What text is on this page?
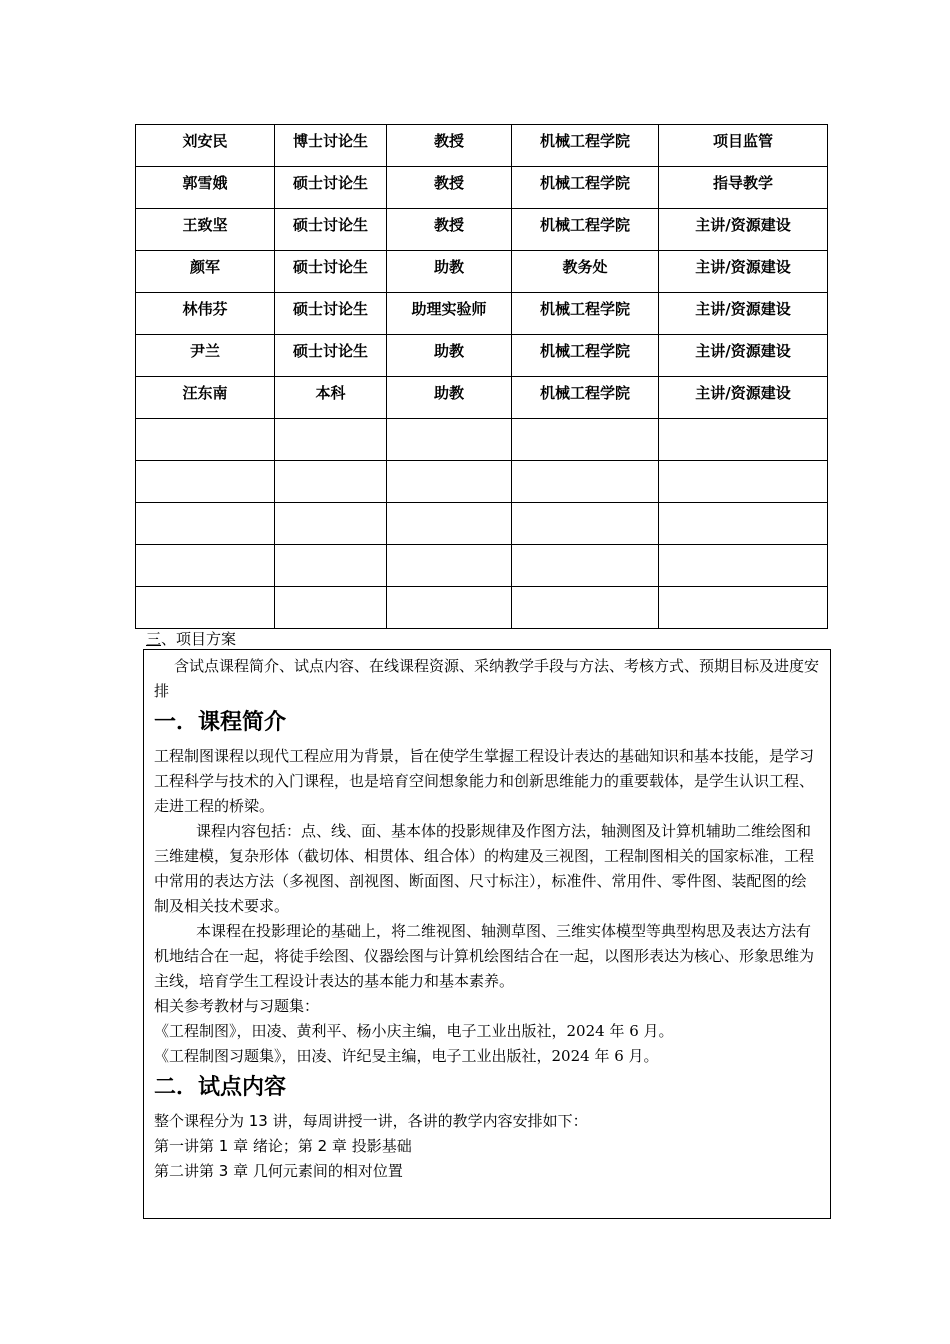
刘安民	博士讨论生	教授	机械工程学院	项目监管

郭雪娥	硕士讨论生	教授	机械工程学院	指导教学

王致坚	硕士讨论生	教授	机械工程学院	主讲/资源建设

颜军	硕士讨论生	助教	教务处	主讲/资源建设

林伟芬	硕士讨论生	助理实验师	机械工程学院	主讲/资源建设

尹兰	硕士讨论生	助教	机械工程学院	主讲/资源建设

汪东南	本科	助教	机械工程学院	主讲/资源建设

三、项目方案

含试点课程简介、试点内容、在线课程资源、采纳教学手段与方法、考核方式、预期目标及进度安排

一．课程简介

工程制图课程以现代工程应用为背景，旨在使学生掌握工程设计表达的基础知识和基本技能，是学习工程科学与技术的入门课程，也是培育空间想象能力和创新思维能力的重要载体，是学生认识工程、走进工程的桥梁。

课程内容包括：点、线、面、基本体的投影规律及作图方法，轴测图及计算机辅助二维绘图和三维建模，复杂形体（截切体、相贯体、组合体）的构建及三视图，工程制图相关的国家标准，工程中常用的表达方法（多视图、剖视图、断面图、尺寸标注），标准件、常用件、零件图、装配图的绘制及相关技术要求。

本课程在投影理论的基础上，将二维视图、轴测草图、三维实体模型等典型构思及表达方法有机地结合在一起，将徒手绘图、仪器绘图与计算机绘图结合在一起，以图形表达为核心、形象思维为主线，培育学生工程设计表达的基本能力和基本素养。

相关参考教材与习题集：

《工程制图》，田凌、黄利平、杨小庆主编，电子工业出版社，2024 年 6 月。

《工程制图习题集》，田凌、许纪旻主编，电子工业出版社，2024 年 6 月。

二．试点内容

整个课程分为 13 讲，每周讲授一讲，各讲的教学内容安排如下：

第一讲第 1 章 绪论；第 2 章 投影基础

第二讲第 3 章 几何元素间的相对位置
